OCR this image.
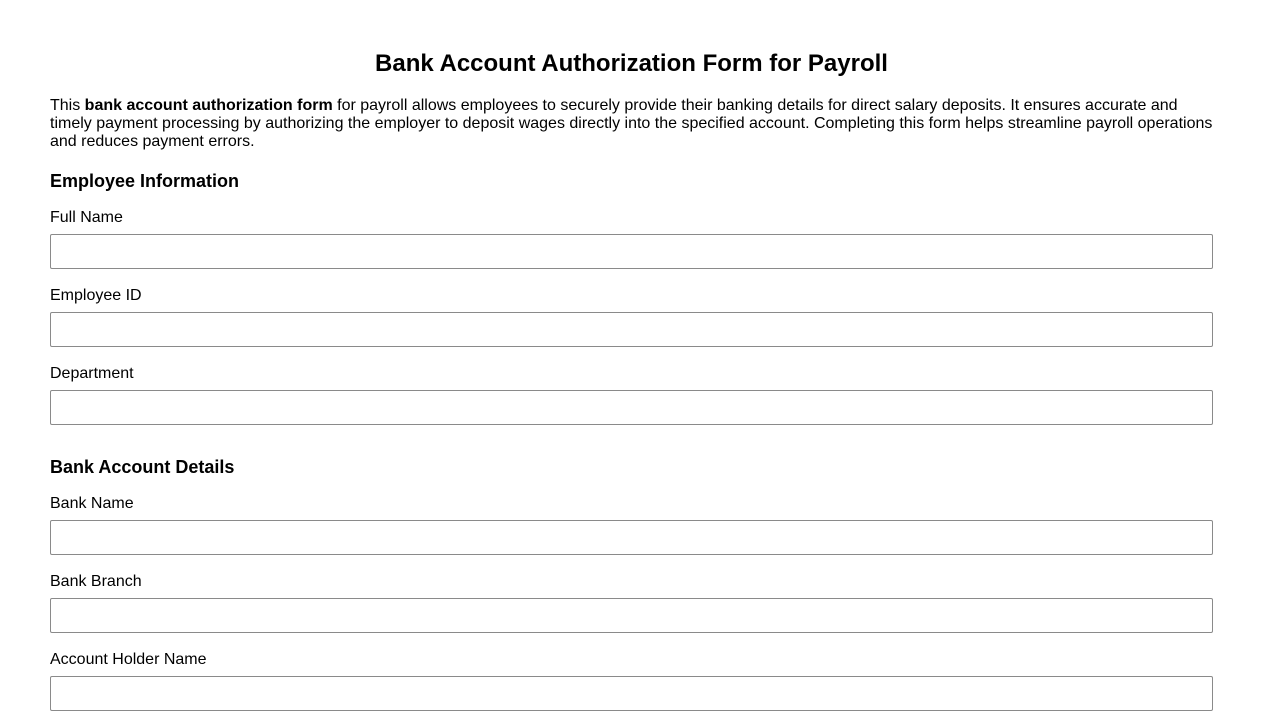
Bank Account Authorization Form for Payroll

This bank account authorization form for payroll allows employees to securely provide their banking details for direct salary deposits. It ensures accurate and timely payment processing by authorizing the employer to deposit wages directly into the specified account. Completing this form helps streamline payroll operations and reduces payment errors.

Employee Information
Full Name
Employee ID
Department
Bank Account Details
Bank Name
Bank Branch
Account Holder Name
